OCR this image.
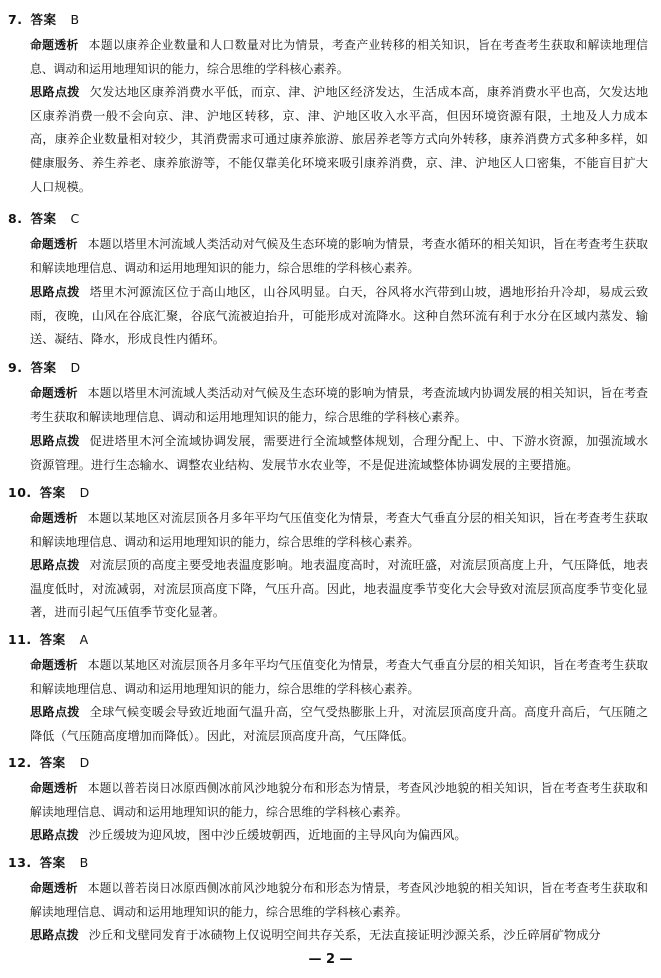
7. 答案 B
命题透析 本题以康养企业数量和人口数量对比为情景，考查产业转移的相关知识，旨在考查考生获取和解读地理信息、调动和运用地理知识的能力，综合思维的学科核心素养。
思路点拨 欠发达地区康养消费水平低，而京、津、沪地区经济发达，生活成本高，康养消费水平也高，欠发达地区康养消费一般不会向京、津、沪地区转移，京、津、沪地区收入水平高，但因环境资源有限，土地及人力成本高，康养企业数量相对较少，其消费需求可通过康养旅游、旅居养老等方式向外转移，康养消费方式多种多样，如健康服务、养生养老、康养旅游等，不能仅靠美化环境来吸引康养消费，京、津、沪地区人口密集，不能盲目扩大人口规模。
8. 答案 C
命题透析 本题以塔里木河流域人类活动对气候及生态环境的影响为情景，考查水循环的相关知识，旨在考查考生获取和解读地理信息、调动和运用地理知识的能力，综合思维的学科核心素养。
思路点拨 塔里木河源流区位于高山地区，山谷风明显。白天，谷风将水汽带到山坡，遇地形抬升冷却，易成云致雨，夜晚，山风在谷底汇聚，谷底气流被迫抬升，可能形成对流降水。这种自然环流有利于水分在区域内蒸发、输送、凝结、降水，形成良性内循环。
9. 答案 D
命题透析 本题以塔里木河流域人类活动对气候及生态环境的影响为情景，考查流域内协调发展的相关知识，旨在考查考生获取和解读地理信息、调动和运用地理知识的能力，综合思维的学科核心素养。
思路点拨 促进塔里木河全流域协调发展，需要进行全流域整体规划，合理分配上、中、下游水资源，加强流域水资源管理。进行生态输水、调整农业结构、发展节水农业等，不是促进流域整体协调发展的主要措施。
10. 答案 D
命题透析 本题以某地区对流层顶各月多年平均气压值变化为情景，考查大气垂直分层的相关知识，旨在考查考生获取和解读地理信息、调动和运用地理知识的能力，综合思维的学科核心素养。
思路点拨 对流层顶的高度主要受地表温度影响。地表温度高时，对流旺盛，对流层顶高度上升，气压降低，地表温度低时，对流减弱，对流层顶高度下降，气压升高。因此，地表温度季节变化大会导致对流层顶高度季节变化显著，进而引起气压值季节变化显著。
11. 答案 A
命题透析 本题以某地区对流层顶各月多年平均气压值变化为情景，考查大气垂直分层的相关知识，旨在考查考生获取和解读地理信息、调动和运用地理知识的能力，综合思维的学科核心素养。
思路点拨 全球气候变暖会导致近地面气温升高，空气受热膨胀上升，对流层顶高度升高。高度升高后，气压随之降低（气压随高度增加而降低）。因此，对流层顶高度升高，气压降低。
12. 答案 D
命题透析 本题以普若岗日冰原西侧冰前风沙地貌分布和形态为情景，考查风沙地貌的相关知识，旨在考查考生获取和解读地理信息、调动和运用地理知识的能力，综合思维的学科核心素养。
思路点拨 沙丘缓坡为迎风坡，图中沙丘缓坡朝西，近地面的主导风向为偏西风。
13. 答案 B
命题透析 本题以普若岗日冰原西侧冰前风沙地貌分布和形态为情景，考查风沙地貌的相关知识，旨在考查考生获取和解读地理信息、调动和运用地理知识的能力，综合思维的学科核心素养。
思路点拨 沙丘和戈壁同发育于冰碛物上仅说明空间共存关系，无法直接证明沙源关系，沙丘碎屑矿物成分
— 2 —
